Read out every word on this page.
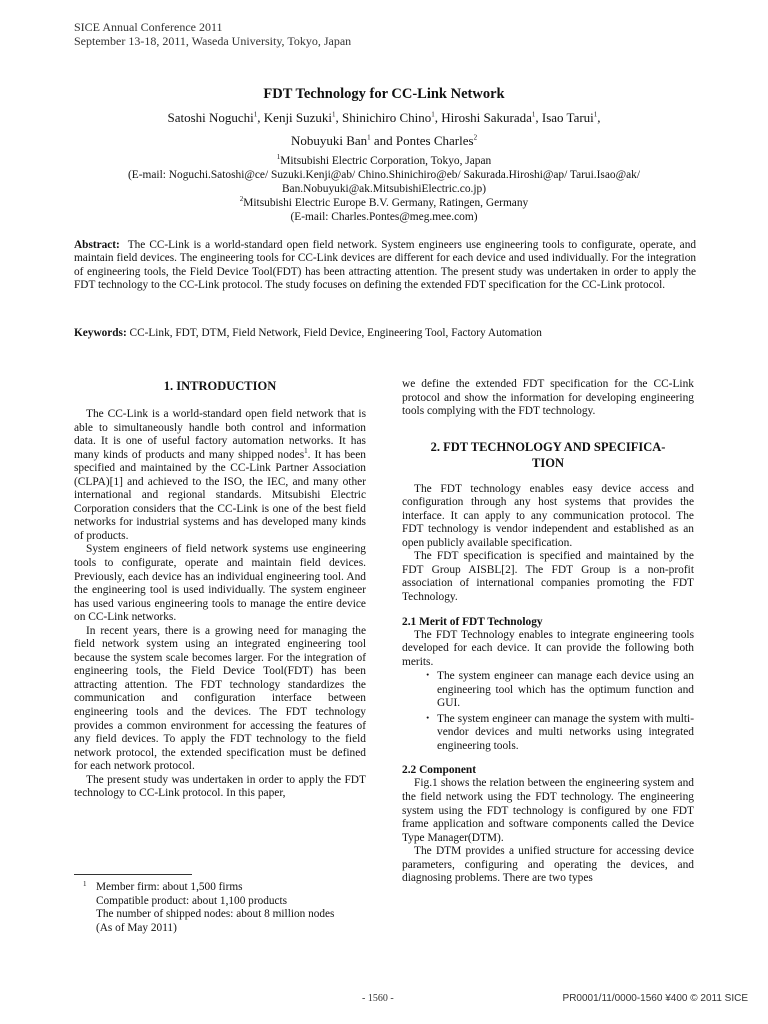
SICE Annual Conference 2011
September 13-18, 2011, Waseda University, Tokyo, Japan
FDT Technology for CC-Link Network
Satoshi Noguchi$^1$, Kenji Suzuki$^1$, Shinichiro Chino$^1$, Hiroshi Sakurada$^1$, Isao Tarui$^1$,
Nobuyuki Ban$^1$ and Pontes Charles$^2$
$^1$Mitsubishi Electric Corporation, Tokyo, Japan
(E-mail: Noguchi.Satoshi@ce/ Suzuki.Kenji@ab/ Chino.Shinichiro@eb/ Sakurada.Hiroshi@ap/ Tarui.Isao@ak/
Ban.Nobuyuki@ak.MitsubishiElectric.co.jp)
$^2$Mitsubishi Electric Europe B.V. Germany, Ratingen, Germany
(E-mail: Charles.Pontes@meg.mee.com)
Abstract: The CC-Link is a world-standard open field network. System engineers use engineering tools to configurate, operate, and maintain field devices. The engineering tools for CC-Link devices are different for each device and used individually. For the integration of engineering tools, the Field Device Tool(FDT) has been attracting attention. The present study was undertaken in order to apply the FDT technology to the CC-Link protocol. The study focuses on defining the extended FDT specification for the CC-Link protocol.
Keywords: CC-Link, FDT, DTM, Field Network, Field Device, Engineering Tool, Factory Automation
1. INTRODUCTION

The CC-Link is a world-standard open field network that is able to simultaneously handle both control and information data. It is one of useful factory automation networks. It has many kinds of products and many shipped nodes$^1$. It has been specified and maintained by the CC-Link Partner Association (CLPA)[1] and achieved to the ISO, the IEC, and many other international and regional standards. Mitsubishi Electric Corporation considers that the CC-Link is one of the best field networks for industrial systems and has developed many kinds of products.

System engineers of field network systems use engineering tools to configurate, operate and maintain field devices. Previously, each device has an individual engineering tool. And the engineering tool is used individually. The system engineer has used various engineering tools to manage the entire device on CC-Link networks.

In recent years, there is a growing need for managing the field network system using an integrated engineering tool because the system scale becomes larger. For the integration of engineering tools, the Field Device Tool(FDT) has been attracting attention. The FDT technology standardizes the communication and configuration interface between engineering tools and the devices. The FDT technology provides a common environment for accessing the features of any field devices. To apply the FDT technology to the field network protocol, the extended specification must be defined for each network protocol.

The present study was undertaken in order to apply the FDT technology to CC-Link protocol. In this paper,

we define the extended FDT specification for the CC-Link protocol and show the information for developing engineering tools complying with the FDT technology.

2. FDT TECHNOLOGY AND SPECIFICA-
TION

The FDT technology enables easy device access and configuration through any host systems that provides the interface. It can apply to any communication protocol. The FDT technology is vendor independent and established as an open publicly available specification.

The FDT specification is specified and maintained by the FDT Group AISBL[2]. The FDT Group is a non-profit association of international companies promoting the FDT Technology.

2.1 Merit of FDT Technology

The FDT Technology enables to integrate engineering tools developed for each device. It can provide the following both merits.

・ The system engineer can manage each device using an engineering tool which has the optimum function and GUI.
・ The system engineer can manage the system with multi-vendor devices and multi networks using integrated engineering tools.
2.2 Component

Fig.1 shows the relation between the engineering system and the field network using the FDT technology. The engineering system using the FDT technology is configured by one FDT frame application and software components called the Device Type Manager(DTM).

The DTM provides a unified structure for accessing device parameters, configuring and operating the devices, and diagnosing problems. There are two types

1 Member firm: about 1,500 firms
Compatible product: about 1,100 products
The number of shipped nodes: about 8 million nodes
(As of May 2011)
- 1560 -	PR0001/11/0000-1560 ¥400 © 2011 SICE
